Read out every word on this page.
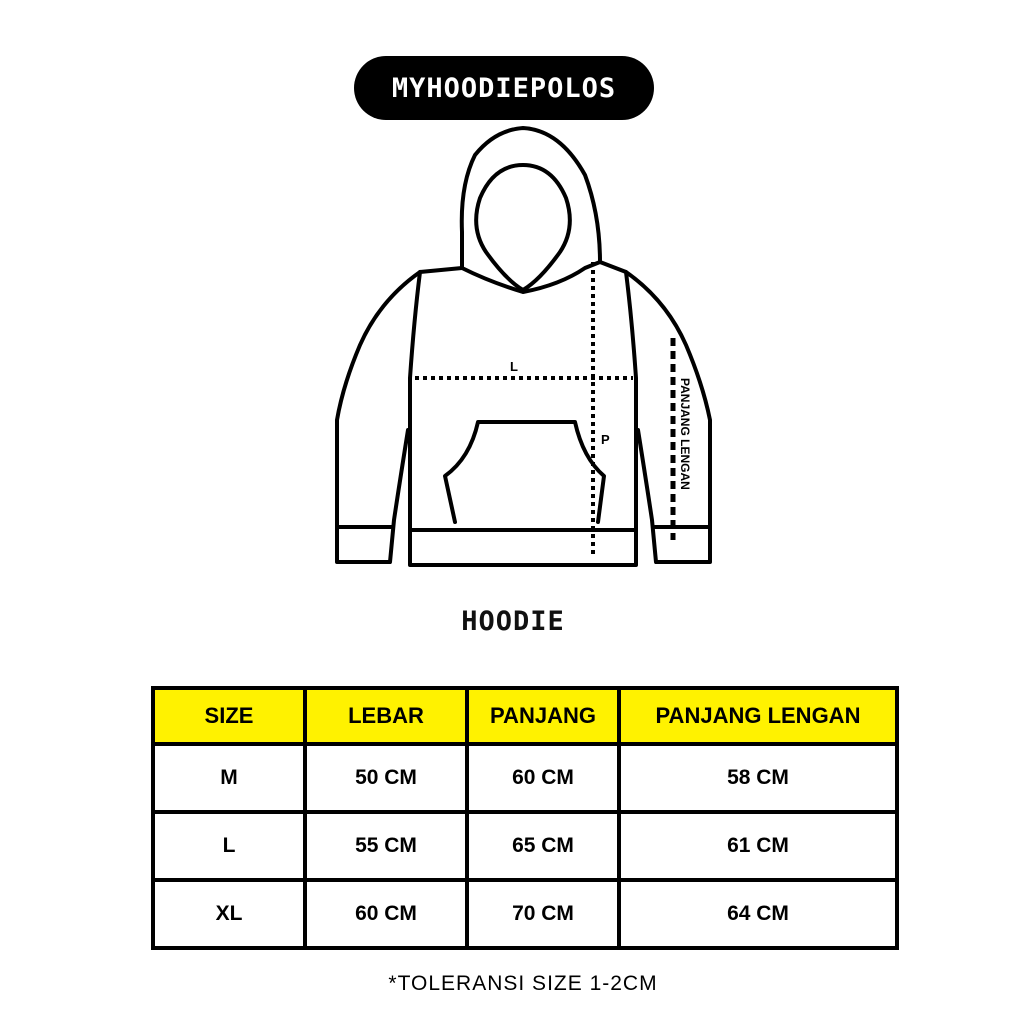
MYHOODIEPOLOS
L
P	PANJANG LENGAN
HOODIE
SIZE	LEBAR	PANJANG	PANJANG LENGAN
M	50 CM	60 CM	58 CM
L	55 CM	65 CM	61 CM
XL	60 CM	70 CM	64 CM
*TOLERANSI SIZE 1-2CM
